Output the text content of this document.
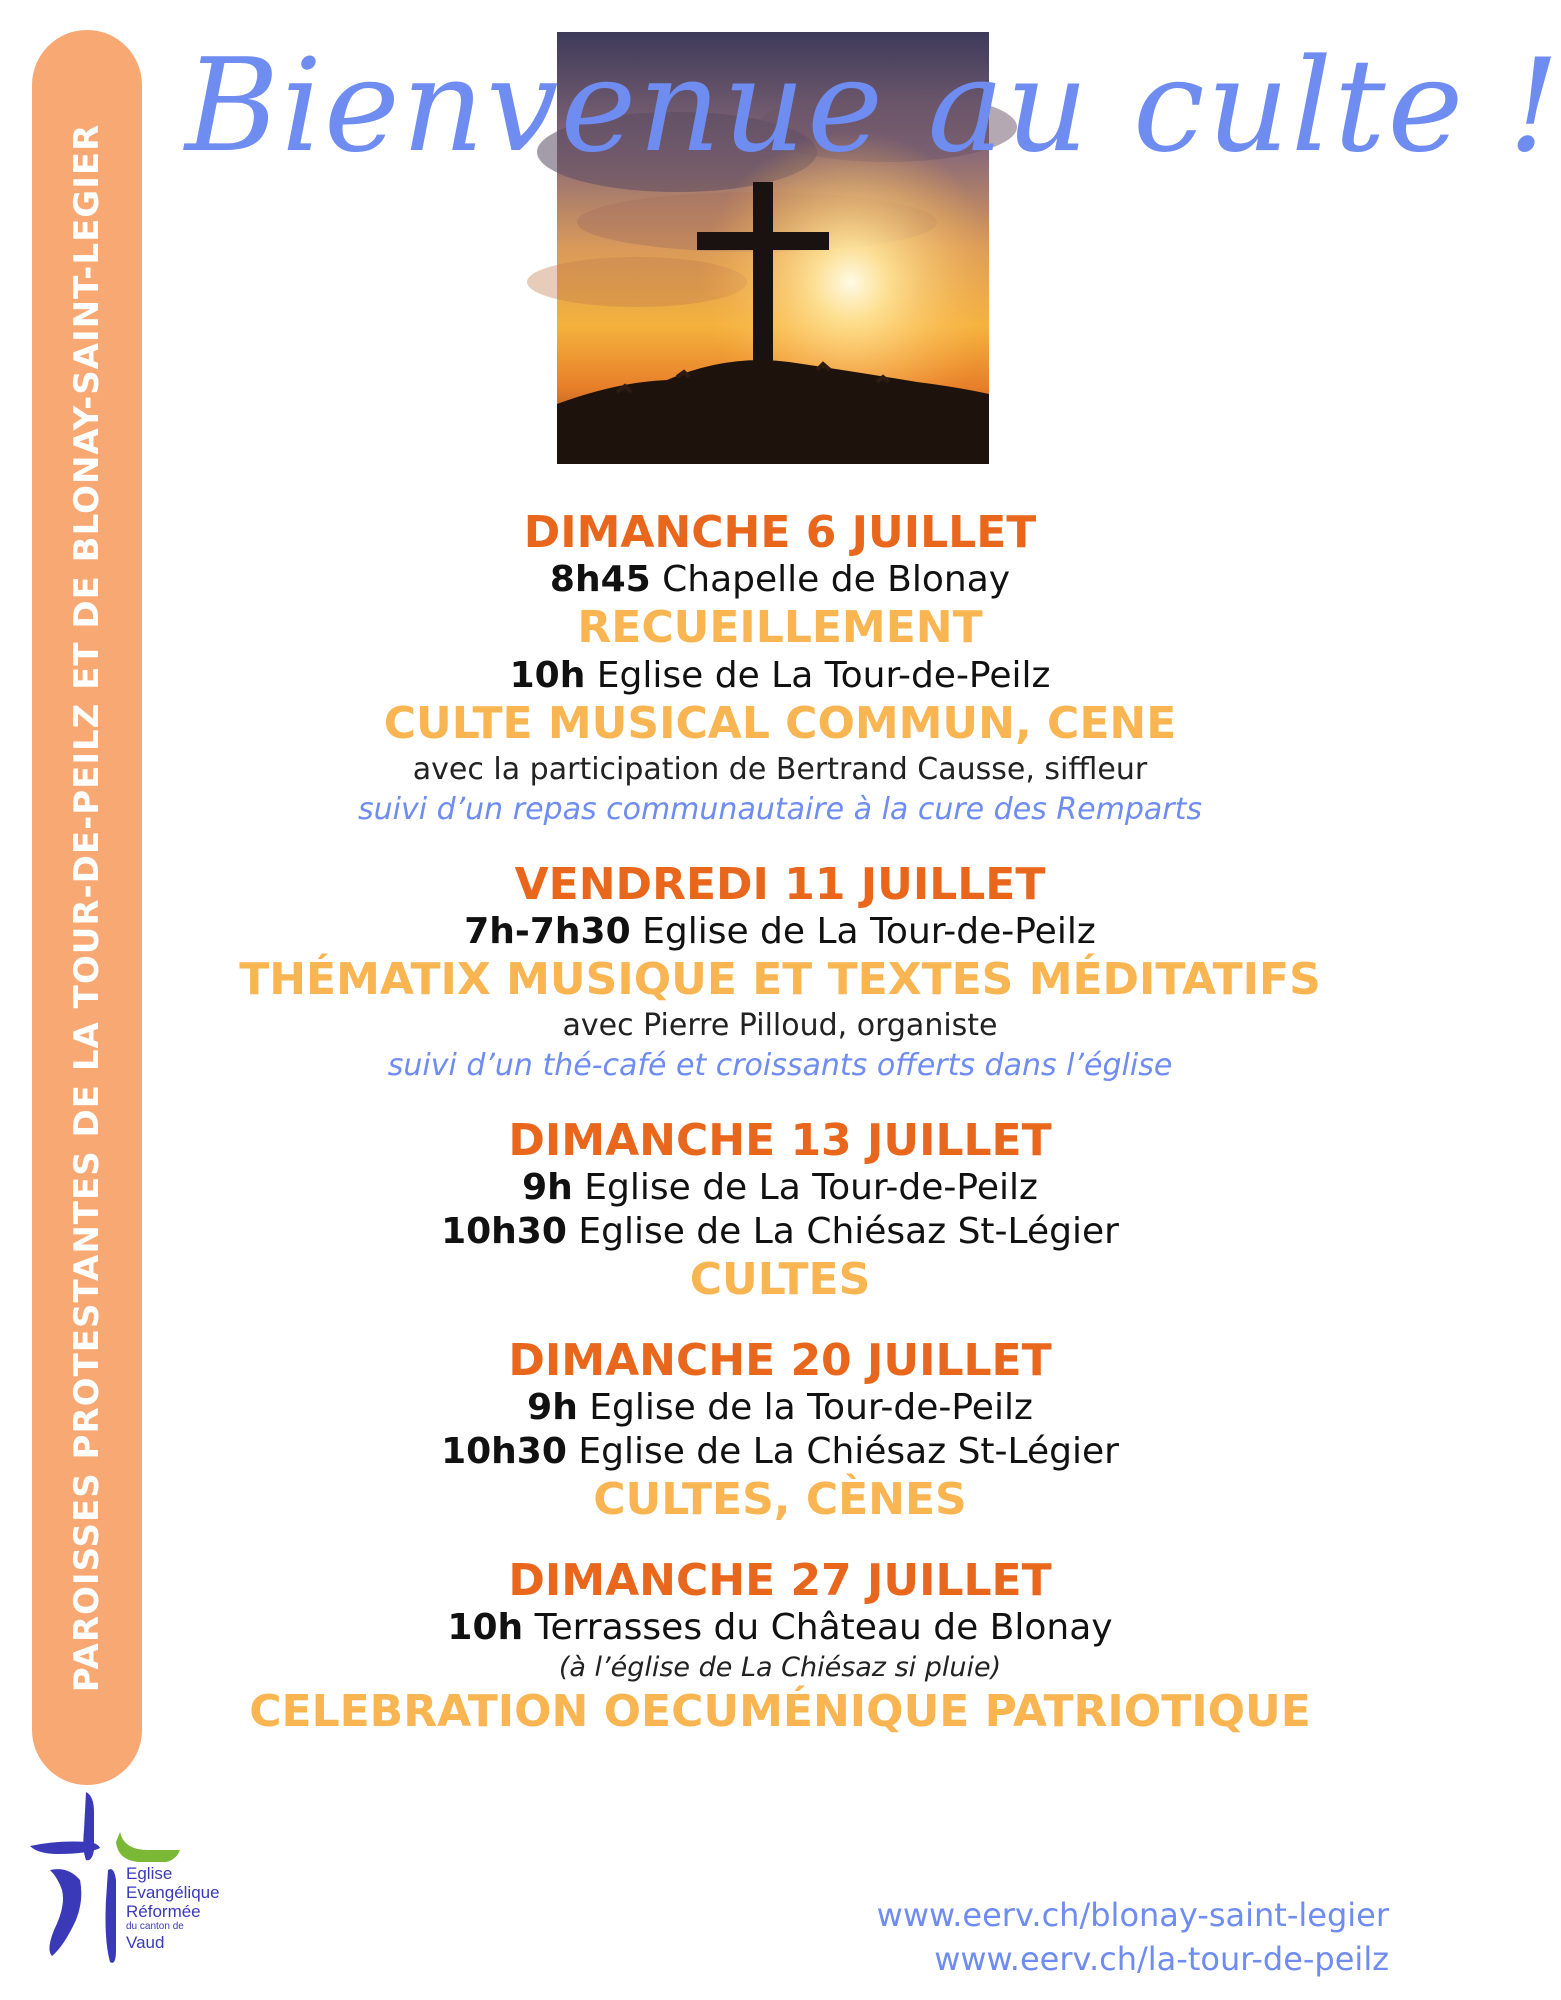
PAROISSES PROTESTANTES DE LA TOUR-DE-PEILZ ET DE BLONAY-SAINT-LEGIER
Bienvenue au culte !
DIMANCHE 6 JUILLET
8h45 Chapelle de Blonay
RECUEILLEMENT
10h Eglise de La Tour-de-Peilz
CULTE MUSICAL COMMUN, CENE
avec la participation de Bertrand Causse, siffleur
suivi d’un repas communautaire à la cure des Remparts
VENDREDI 11 JUILLET
7h-7h30 Eglise de La Tour-de-Peilz
THÉMATIX MUSIQUE ET TEXTES MÉDITATIFS
avec Pierre Pilloud, organiste
suivi d’un thé-café et croissants offerts dans l’église
DIMANCHE 13 JUILLET
9h Eglise de La Tour-de-Peilz
10h30 Eglise de La Chiésaz St-Légier
CULTES
DIMANCHE 20 JUILLET
9h Eglise de la Tour-de-Peilz
10h30 Eglise de La Chiésaz St-Légier
CULTES, CÈNES
DIMANCHE 27 JUILLET
10h Terrasses du Château de Blonay
(à l’église de La Chiésaz si pluie)
CELEBRATION OECUMÉNIQUE PATRIOTIQUE
Eglise
Evangélique
Réformée
du canton de
Vaud
www.eerv.ch/blonay-saint-legier
www.eerv.ch/la-tour-de-peilz
